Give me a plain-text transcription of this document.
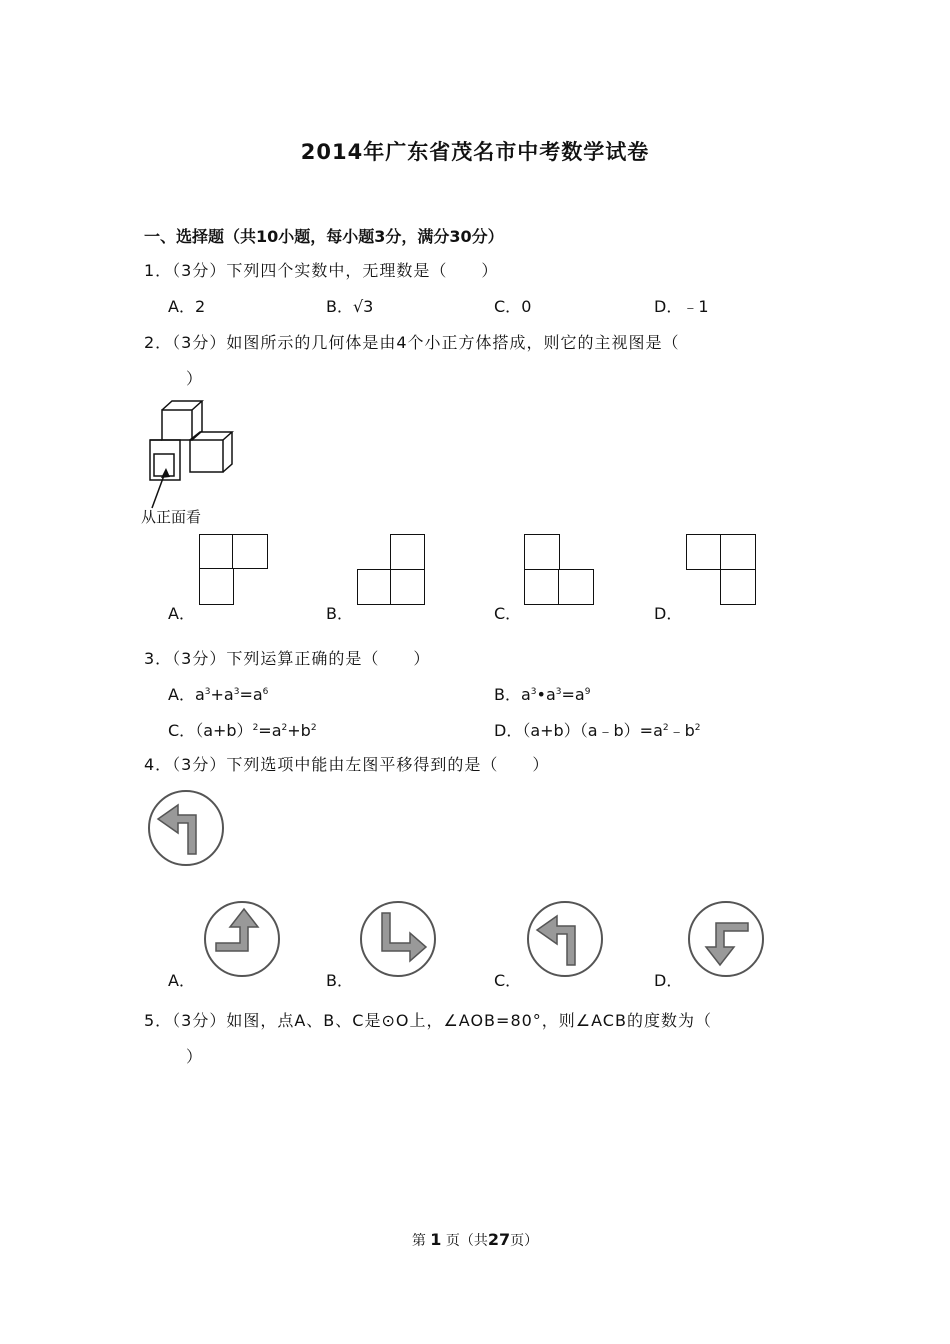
2014年广东省茂名市中考数学试卷
一、选择题（共10小题，每小题3分，满分30分）
1．（3分）下列四个实数中，无理数是（　　）
A．2	B．√3	C．0	D．﹣1
2．（3分）如图所示的几何体是由4个小正方体搭成，则它的主视图是（
）
从正面看
A．	B．	C．	D．
3．（3分）下列运算正确的是（　　）
A．$a^3+a^3=a^6$	B．$a^3•a^3=a^9$
C．$(a+b)^2=a^2+b^2$	D．$(a+b)(a﹣b)=a^2﹣b^2$
4．（3分）下列选项中能由左图平移得到的是（　　）
A．	B．	C．	D．
5．（3分）如图，点A、B、C是⊙O上，∠AOB=80°，则∠ACB的度数为（
）
第 1 页（共27页）
